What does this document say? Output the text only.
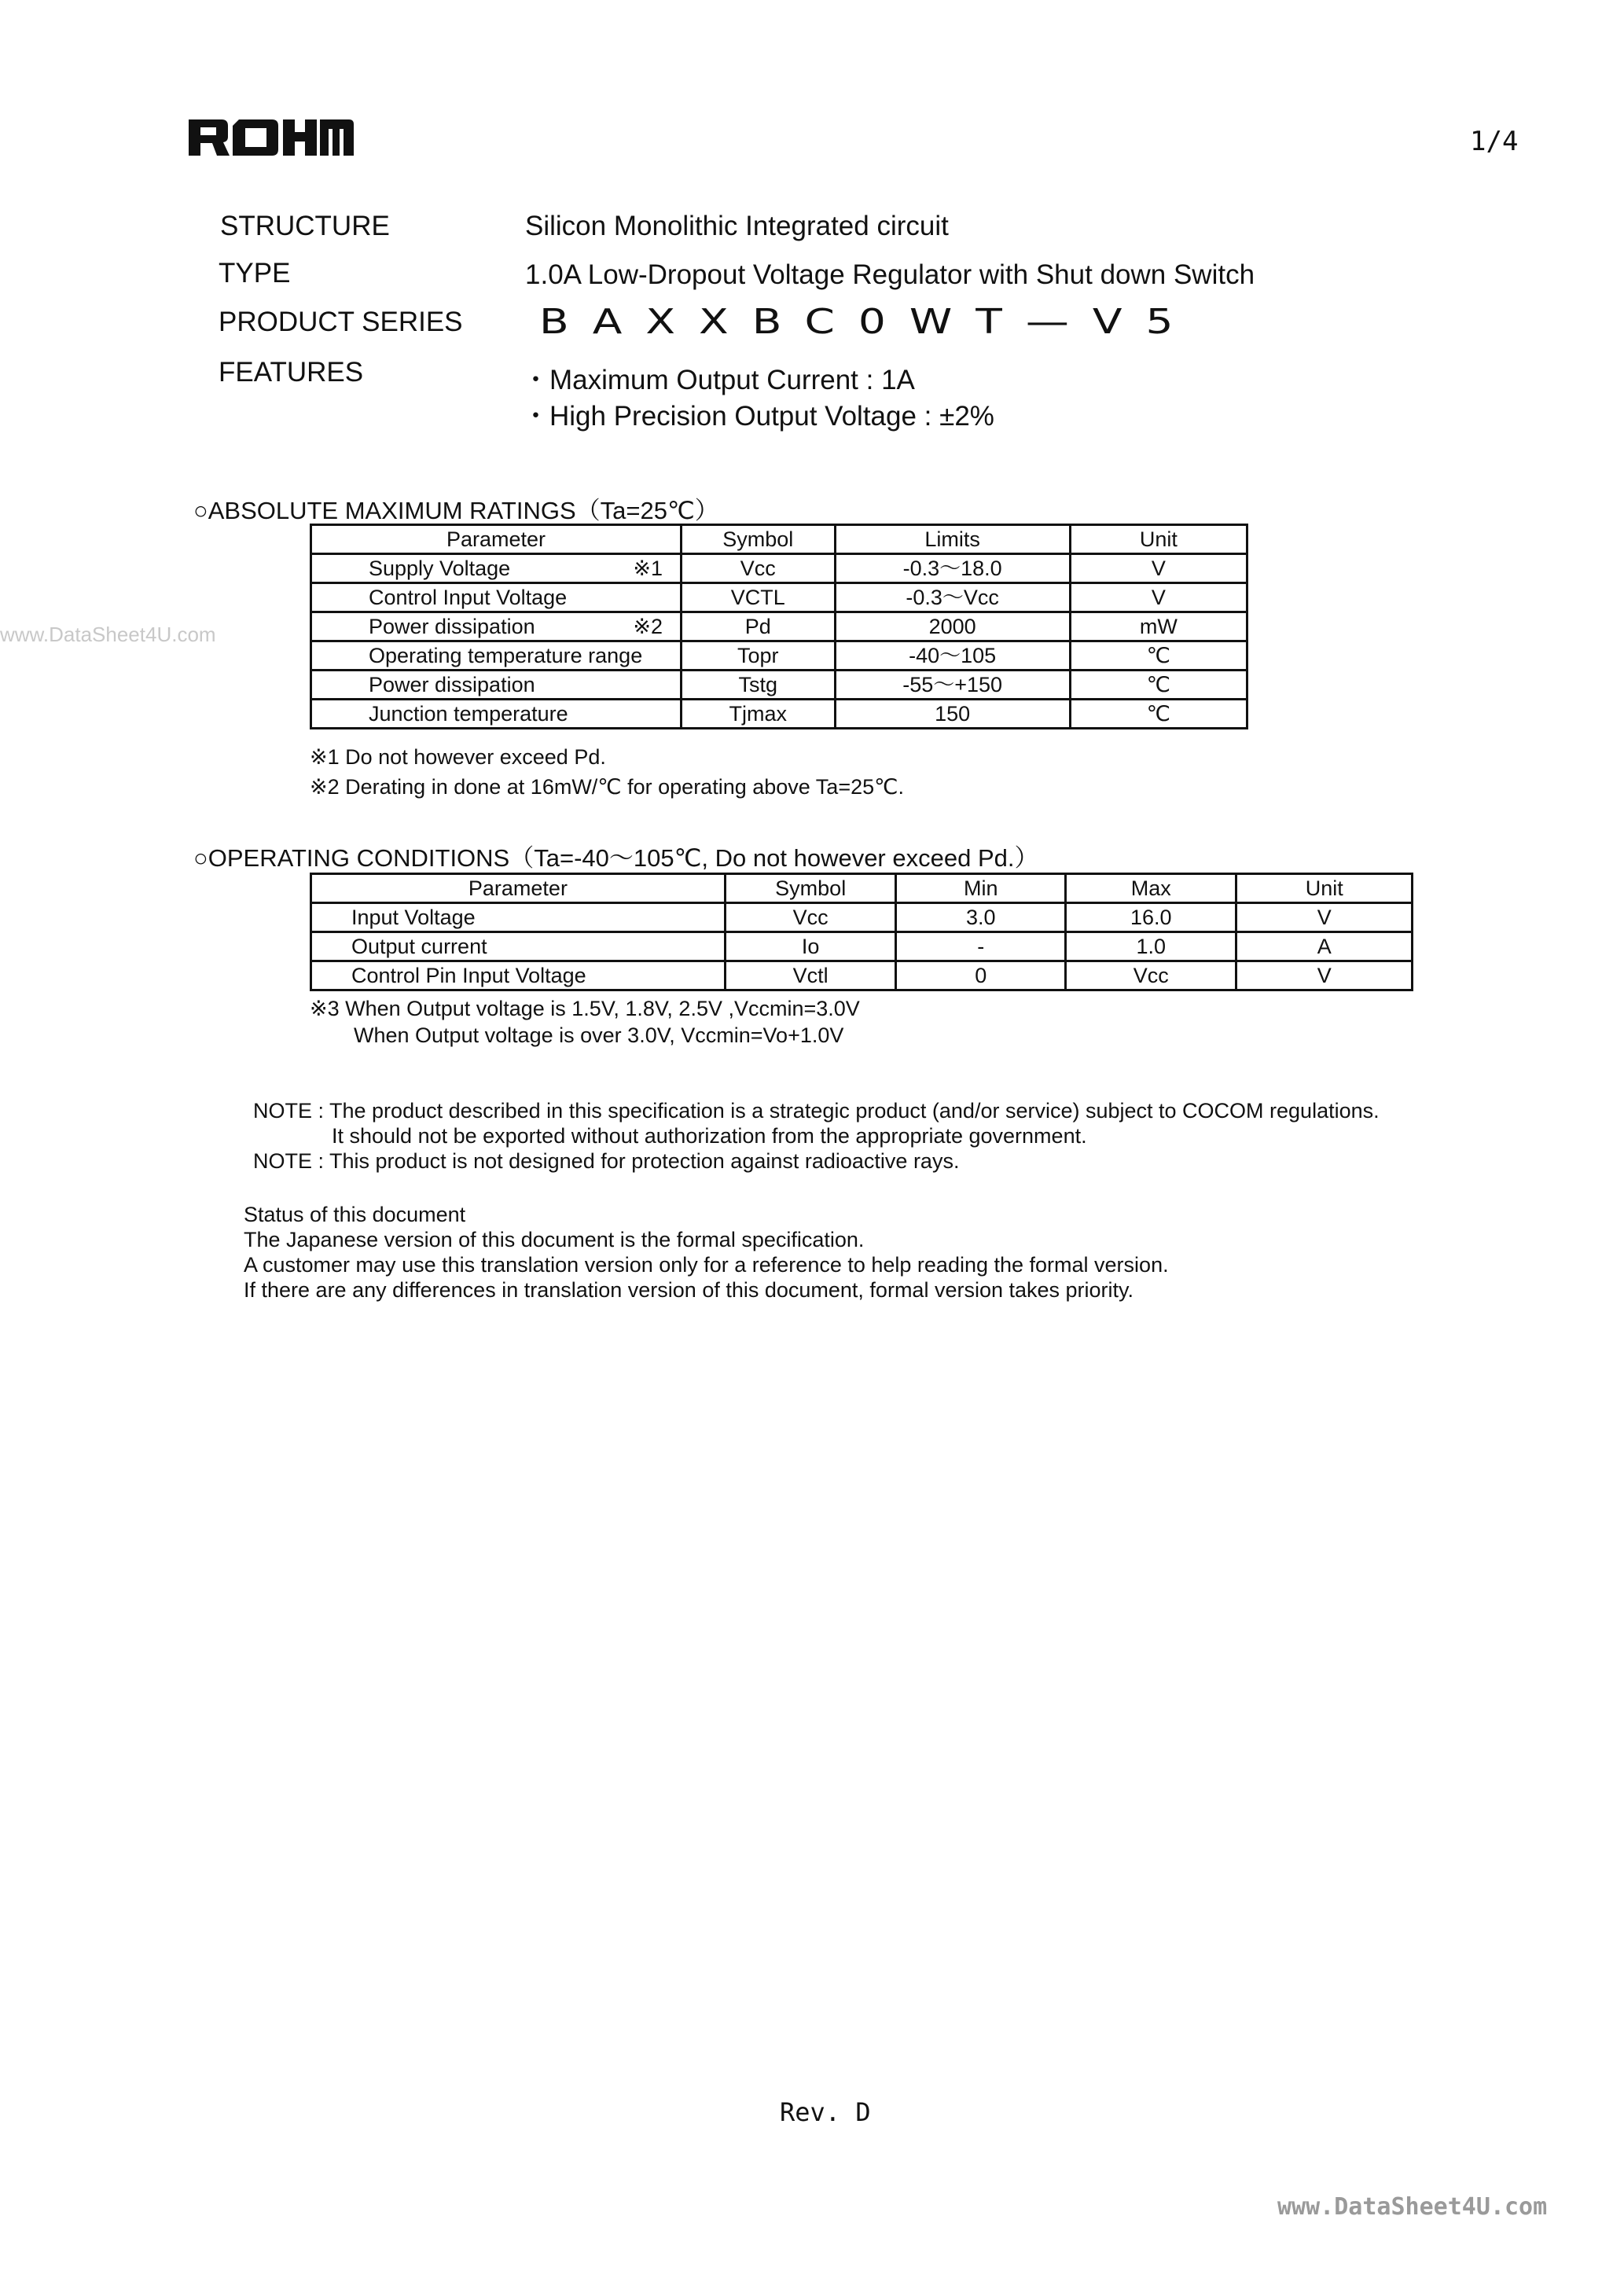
1/4
www.DataSheet4U.com
STRUCTURE	Silicon Monolithic Integrated circuit
TYPE	1.0A Low-Dropout Voltage Regulator with Shut down Switch
PRODUCT SERIES BAXXBC0WT—V5
FEATURES	・Maximum Output Current : 1A
・High Precision Output Voltage : ±2%
○ABSOLUTE MAXIMUM RATINGS（Ta=25℃）
Parameter	Symbol	Limits	Unit
Supply Voltage ※1	Vcc	-0.3～18.0	V
Control Input Voltage	VCTL	-0.3～Vcc	V
Power dissipation ※2	Pd	2000	mW
Operating temperature range	Topr	-40～105	℃
Power dissipation	Tstg	-55～+150	℃
Junction temperature	Tjmax	150	℃
※1 Do not however exceed Pd.
※2 Derating in done at 16mW/℃ for operating above Ta=25℃.
○OPERATING CONDITIONS（Ta=-40～105℃, Do not however exceed Pd.）
Parameter	Symbol	Min	Max	Unit
Input Voltage	Vcc	3.0	16.0	V
Output current	Io	-	1.0	A
Control Pin Input Voltage	Vctl	0	Vcc	V
※3 When Output voltage is 1.5V, 1.8V, 2.5V ,Vccmin=3.0V
When Output voltage is over 3.0V, Vccmin=Vo+1.0V
NOTE : The product described in this specification is a strategic product (and/or service) subject to COCOM regulations.
It should not be exported without authorization from the appropriate government.
NOTE : This product is not designed for protection against radioactive rays.
Status of this document
The Japanese version of this document is the formal specification.
A customer may use this translation version only for a reference to help reading the formal version.
If there are any differences in translation version of this document, formal version takes priority.
Rev. D
www.DataSheet4U.com
